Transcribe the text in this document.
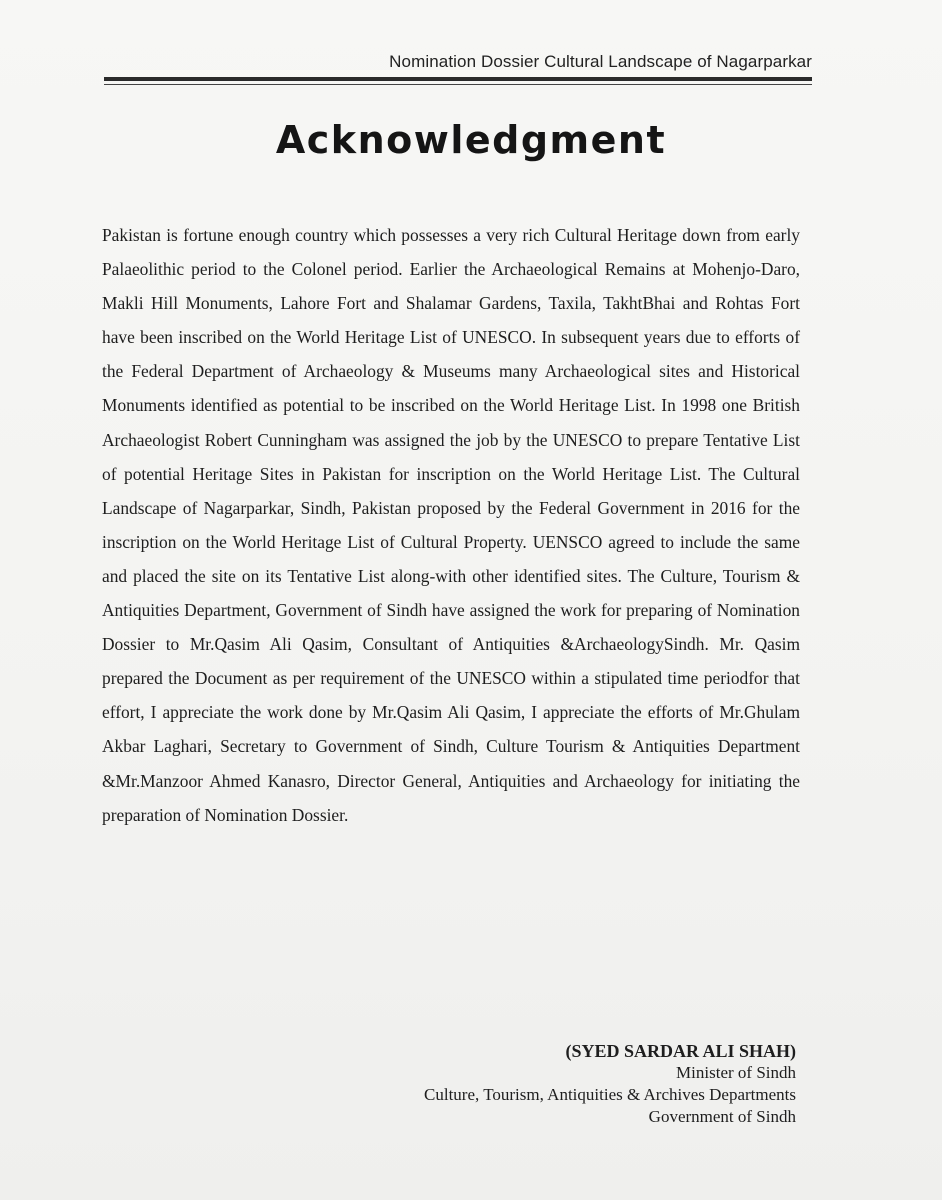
Nomination Dossier Cultural Landscape of Nagarparkar
Acknowledgment

Pakistan is fortune enough country which possesses a very rich Cultural Heritage down from early Palaeolithic period to the Colonel period. Earlier the Archaeological Remains at Mohenjo-Daro, Makli Hill Monuments, Lahore Fort and Shalamar Gardens, Taxila, TakhtBhai and Rohtas Fort have been inscribed on the World Heritage List of UNESCO. In subsequent years due to efforts of the Federal Department of Archaeology & Museums many Archaeological sites and Historical Monuments identified as potential to be inscribed on the World Heritage List. In 1998 one British Archaeologist Robert Cunningham was assigned the job by the UNESCO to prepare Tentative List of potential Heritage Sites in Pakistan for inscription on the World Heritage List. The Cultural Landscape of Nagarparkar, Sindh, Pakistan proposed by the Federal Government in 2016 for the inscription on the World Heritage List of Cultural Property. UENSCO agreed to include the same and placed the site on its Tentative List along-with other identified sites. The Culture, Tourism & Antiquities Department, Government of Sindh have assigned the work for preparing of Nomination Dossier to Mr.Qasim Ali Qasim, Consultant of Antiquities &ArchaeologySindh. Mr. Qasim prepared the Document as per requirement of the UNESCO within a stipulated time periodfor that effort, I appreciate the work done by Mr.Qasim Ali Qasim, I appreciate the efforts of Mr.Ghulam Akbar Laghari, Secretary to Government of Sindh, Culture Tourism & Antiquities Department &Mr.Manzoor Ahmed Kanasro, Director General, Antiquities and Archaeology for initiating the preparation of Nomination Dossier.

(SYED SARDAR ALI SHAH)
Minister of Sindh
Culture, Tourism, Antiquities & Archives Departments
Government of Sindh
